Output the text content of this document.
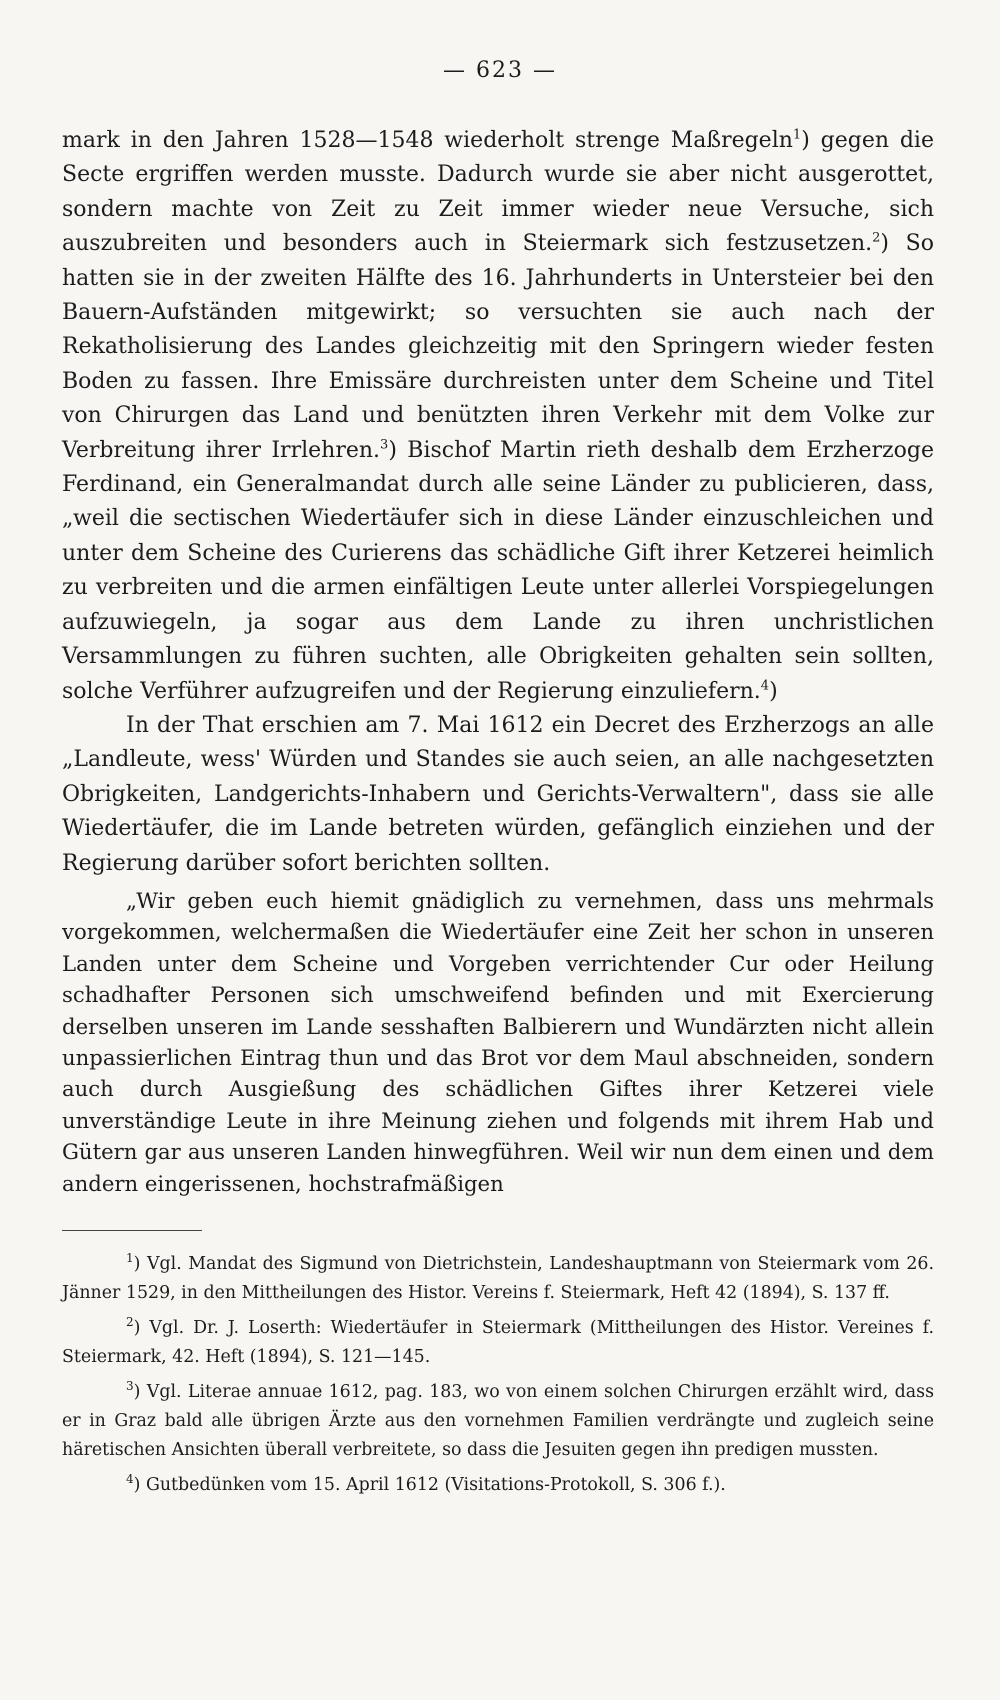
— 623 —

mark in den Jahren 1528—1548 wiederholt strenge Maßregeln$^1$) gegen die Secte ergriffen werden musste. Dadurch wurde sie aber nicht ausgerottet, sondern machte von Zeit zu Zeit immer wieder neue Versuche, sich auszubreiten und besonders auch in Steiermark sich festzusetzen.$^2$) So hatten sie in der zweiten Hälfte des 16. Jahrhunderts in Untersteier bei den Bauern-Aufständen mitgewirkt; so versuchten sie auch nach der Rekatholisierung des Landes gleichzeitig mit den Springern wieder festen Boden zu fassen. Ihre Emissäre durchreisten unter dem Scheine und Titel von Chirurgen das Land und benützten ihren Verkehr mit dem Volke zur Verbreitung ihrer Irrlehren.$^3$) Bischof Martin rieth deshalb dem Erzherzoge Ferdinand, ein Generalmandat durch alle seine Länder zu publicieren, dass, „weil die sectischen Wiedertäufer sich in diese Länder einzuschleichen und unter dem Scheine des Curierens das schädliche Gift ihrer Ketzerei heimlich zu verbreiten und die armen einfältigen Leute unter allerlei Vorspiegelungen aufzuwiegeln, ja sogar aus dem Lande zu ihren unchristlichen Versammlungen zu führen suchten, alle Obrigkeiten gehalten sein sollten, solche Verführer aufzugreifen und der Regierung einzuliefern.$^4$)

In der That erschien am 7. Mai 1612 ein Decret des Erzherzogs an alle „Landleute, wess' Würden und Standes sie auch seien, an alle nachgesetzten Obrigkeiten, Landgerichts-Inhabern und Gerichts-Verwaltern", dass sie alle Wiedertäufer, die im Lande betreten würden, gefänglich einziehen und der Regierung darüber sofort berichten sollten.

„Wir geben euch hiemit gnädiglich zu vernehmen, dass uns mehrmals vorgekommen, welchermaßen die Wiedertäufer eine Zeit her schon in unseren Landen unter dem Scheine und Vorgeben verrichtender Cur oder Heilung schadhafter Personen sich umschweifend befinden und mit Exercierung derselben unseren im Lande sesshaften Balbierern und Wundärzten nicht allein unpassierlichen Eintrag thun und das Brot vor dem Maul abschneiden, sondern auch durch Ausgießung des schädlichen Giftes ihrer Ketzerei viele unverständige Leute in ihre Meinung ziehen und folgends mit ihrem Hab und Gütern gar aus unseren Landen hinwegführen. Weil wir nun dem einen und dem andern eingerissenen, hochstrafmäßigen

$^1$) Vgl. Mandat des Sigmund von Dietrichstein, Landeshauptmann von Steiermark vom 26. Jänner 1529, in den Mittheilungen des Histor. Vereins f. Steiermark, Heft 42 (1894), S. 137 ff.

$^2$) Vgl. Dr. J. Loserth: Wiedertäufer in Steiermark (Mittheilungen des Histor. Vereines f. Steiermark, 42. Heft (1894), S. 121—145.

$^3$) Vgl. Literae annuae 1612, pag. 183, wo von einem solchen Chirurgen erzählt wird, dass er in Graz bald alle übrigen Ärzte aus den vornehmen Familien verdrängte und zugleich seine häretischen Ansichten überall verbreitete, so dass die Jesuiten gegen ihn predigen mussten.

$^4$) Gutbedünken vom 15. April 1612 (Visitations-Protokoll, S. 306 f.).
